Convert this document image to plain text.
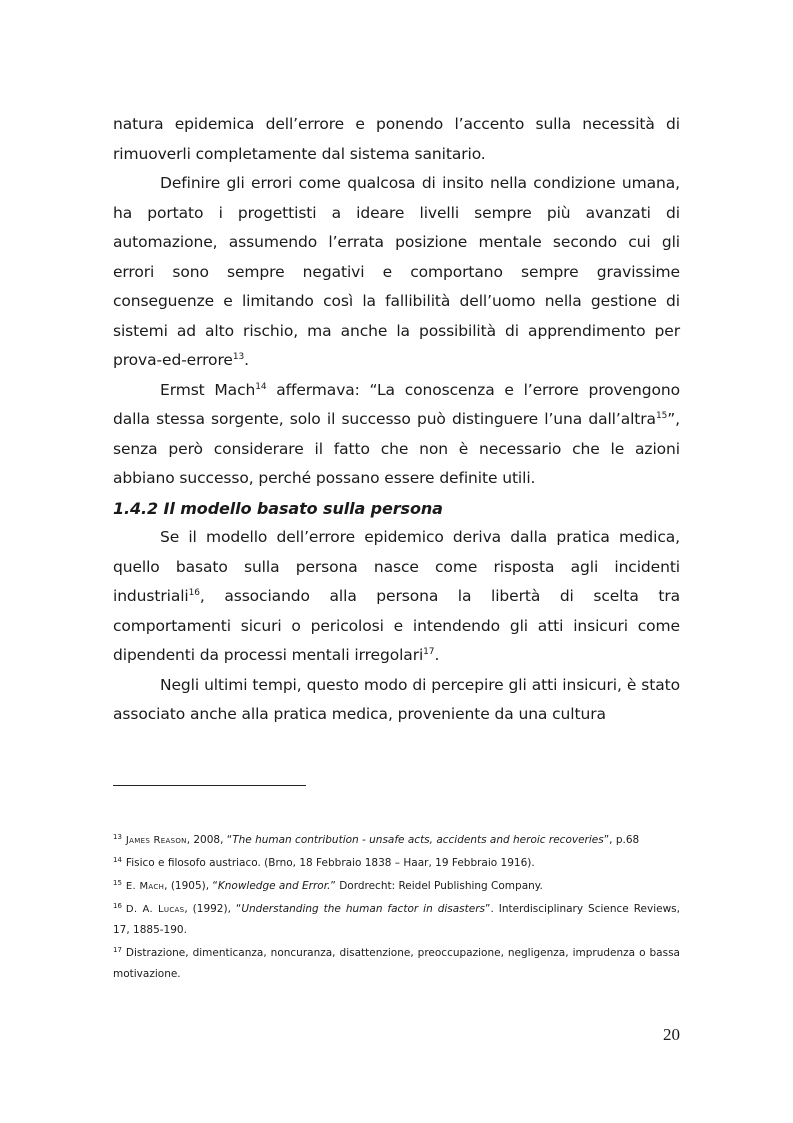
natura epidemica dell’errore e ponendo l’accento sulla necessità di rimuoverli completamente dal sistema sanitario.

Definire gli errori come qualcosa di insito nella condizione umana, ha portato i progettisti a ideare livelli sempre più avanzati di automazione, assumendo l’errata posizione mentale secondo cui gli errori sono sempre negativi e comportano sempre gravissime conseguenze e limitando così la fallibilità dell’uomo nella gestione di sistemi ad alto rischio, ma anche la possibilità di apprendimento per prova-ed-errore$^{13}$.

Ermst Mach$^{14}$ affermava: “La conoscenza e l’errore provengono dalla stessa sorgente, solo il successo può distinguere l’una dall’altra$^{15}$”, senza però considerare il fatto che non è necessario che le azioni abbiano successo, perché possano essere definite utili.

1.4.2 Il modello basato sulla persona

Se il modello dell’errore epidemico deriva dalla pratica medica, quello basato sulla persona nasce come risposta agli incidenti industriali$^{16}$, associando alla persona la libertà di scelta tra comportamenti sicuri o pericolosi e intendendo gli atti insicuri come dipendenti da processi mentali irregolari$^{17}$.

Negli ultimi tempi, questo modo di percepire gli atti insicuri, è stato associato anche alla pratica medica, proveniente da una cultura

$^{13}$ James Reason, 2008, “The human contribution - unsafe acts, accidents and heroic recoveries”, p.68

$^{14}$ Fisico e filosofo austriaco. (Brno, 18 Febbraio 1838 – Haar, 19 Febbraio 1916).

$^{15}$ E. Mach, (1905), “Knowledge and Error.” Dordrecht: Reidel Publishing Company.

$^{16}$ D. A. Lucas, (1992), “Understanding the human factor in disasters”. Interdisciplinary Science Reviews, 17, 1885-190.

$^{17}$ Distrazione, dimenticanza, noncuranza, disattenzione, preoccupazione, negligenza, imprudenza o bassa motivazione.

20
